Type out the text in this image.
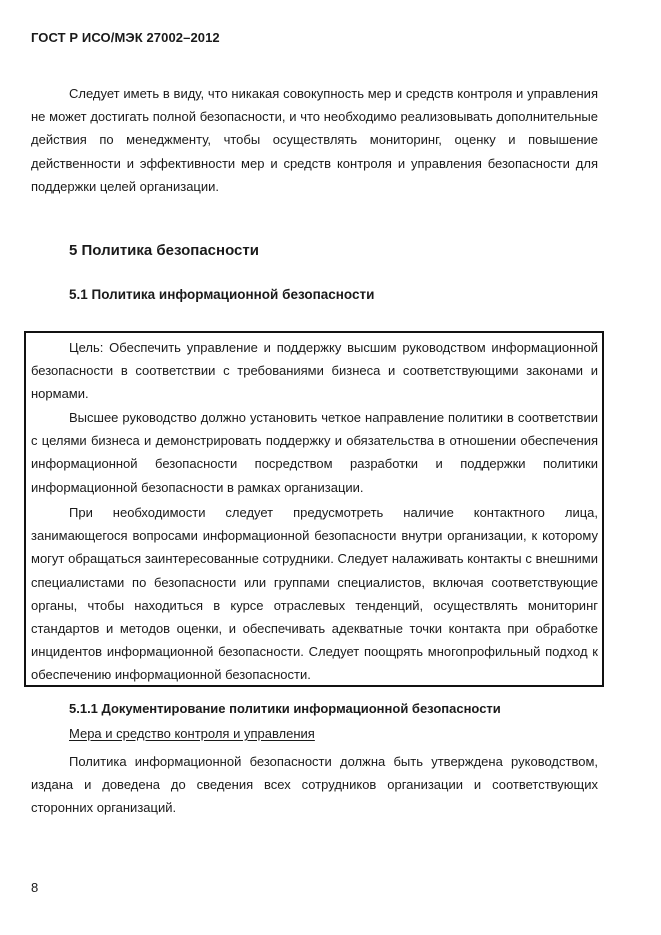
ГОСТ Р ИСО/МЭК 27002–2012

Следует иметь в виду, что никакая совокупность мер и средств контроля и управления не может достигать полной безопасности, и что необходимо реализовывать дополнительные действия по менеджменту, чтобы осуществлять мониторинг, оценку и повышение действенности и эффективности мер и средств контроля и управления безопасности для поддержки целей организации.

5 Политика безопасности
5.1 Политика информационной безопасности

Цель: Обеспечить управление и поддержку высшим руководством информационной безопасности в соответствии с требованиями бизнеса и соответствующими законами и нормами.

Высшее руководство должно установить четкое направление политики в соответствии с целями бизнеса и демонстрировать поддержку и обязательства в отношении обеспечения информационной безопасности посредством разработки и поддержки политики информационной безопасности в рамках организации.

При необходимости следует предусмотреть наличие контактного лица, занимающегося вопросами информационной безопасности внутри организации, к которому могут обращаться заинтересованные сотрудники. Следует налаживать контакты с внешними специалистами по безопасности или группами специалистов, включая соответствующие органы, чтобы находиться в курсе отраслевых тенденций, осуществлять мониторинг стандартов и методов оценки, и обеспечивать адекватные точки контакта при обработке инцидентов информационной безопасности. Следует поощрять многопрофильный подход к обеспечению информационной безопасности.

5.1.1 Документирование политики информационной безопасности
Мера и средство контроля и управления

Политика информационной безопасности должна быть утверждена руководством, издана и доведена до сведения всех сотрудников организации и соответствующих сторонних организаций.

8
